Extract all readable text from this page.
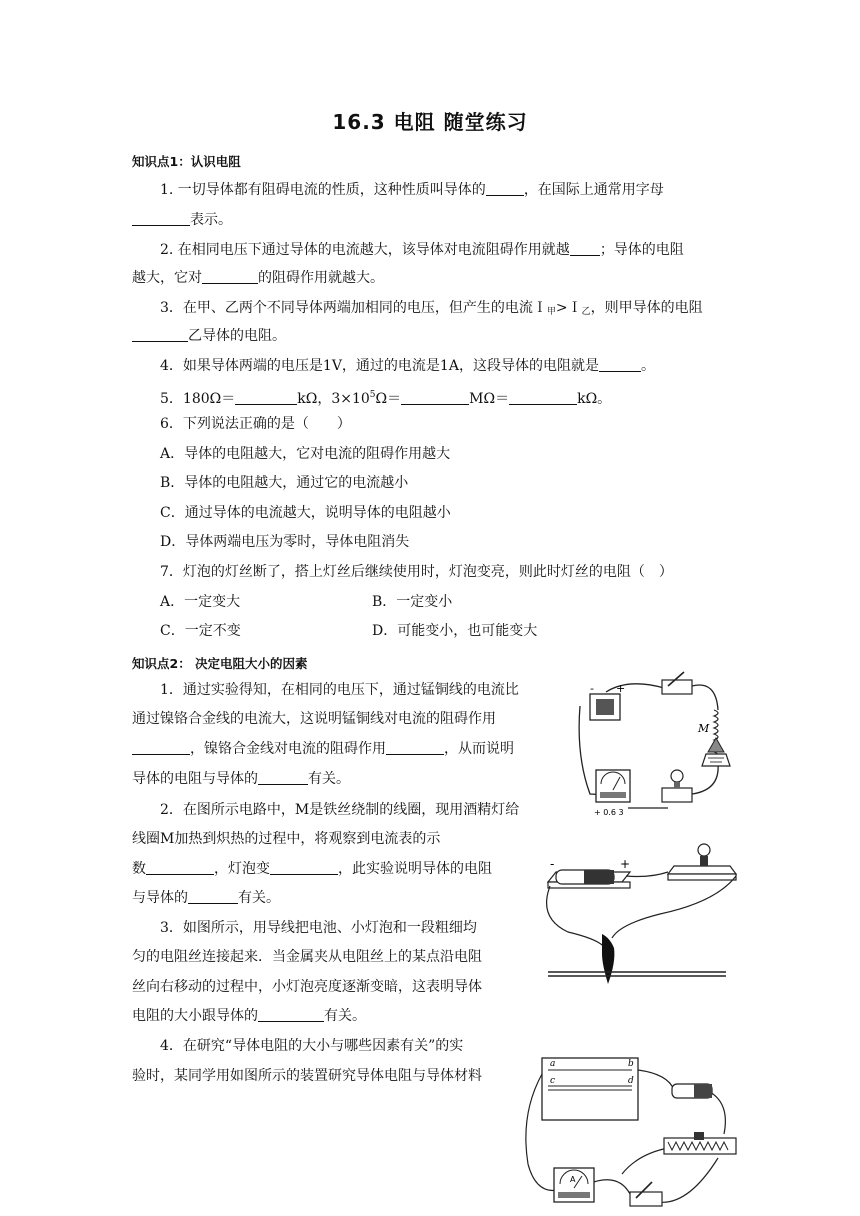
16.3 电阻 随堂练习
知识点1：认识电阻
1. 一切导体都有阻碍电流的性质，这种性质叫导体的	，在国际上通常用字母
表示。
2. 在相同电压下通过导体的电流越大，该导体对电流阻碍作用就越 ；导体的电阻
越大，它对	的阻碍作用就越大。
3．在甲、乙两个不同导体两端加相同的电压，但产生的电流Ｉ$_甲$>Ｉ$_乙$，则甲导体的电阻
乙导体的电阻。
4．如果导体两端的电压是1V，通过的电流是1A，这段导体的电阻就是	。
5．180Ω＝	kΩ，$3\times 10^5\Omega=$	MΩ＝	kΩ。
6．下列说法正确的是（　　）
A．导体的电阻越大，它对电流的阻碍作用越大
B．导体的电阻越大，通过它的电流越小
C．通过导体的电流越大，说明导体的电阻越小
D．导体两端电压为零时，导体电阻消失
7．灯泡的灯丝断了，搭上灯丝后继续使用时，灯泡变亮，则此时灯丝的电阻（　）
A．一定变大	B．一定变小
C．一定不变	D．可能变小，也可能变大
知识点2： 决定电阻大小的因素
1．通过实验得知，在相同的电压下，通过锰铜线的电流比
通过镍铬合金线的电流大，这说明锰铜线对电流的阻碍作用
，镍铬合金线对电流的阻碍作用	，从而说明
导体的电阻与导体的	有关。
2．在图所示电路中，M是铁丝绕制的线圈，现用酒精灯给
线圈M加热到炽热的过程中，将观察到电流表的示
数	，灯泡变	，此实验说明导体的电阻
与导体的	有关。
3．如图所示，用导线把电池、小灯泡和一段粗细均
匀的电阻丝连接起来．当金属夹从电阻丝上的某点沿电阻
丝向右移动的过程中，小灯泡亮度逐渐变暗，这表明导体
电阻的大小跟导体的	有关。
4．在研究“导体电阻的大小与哪些因素有关”的实
验时，某同学用如图所示的装置研究导体电阻与导体材料
- +
M
+ 0.6 3
-	+
a	b
c	d
A
